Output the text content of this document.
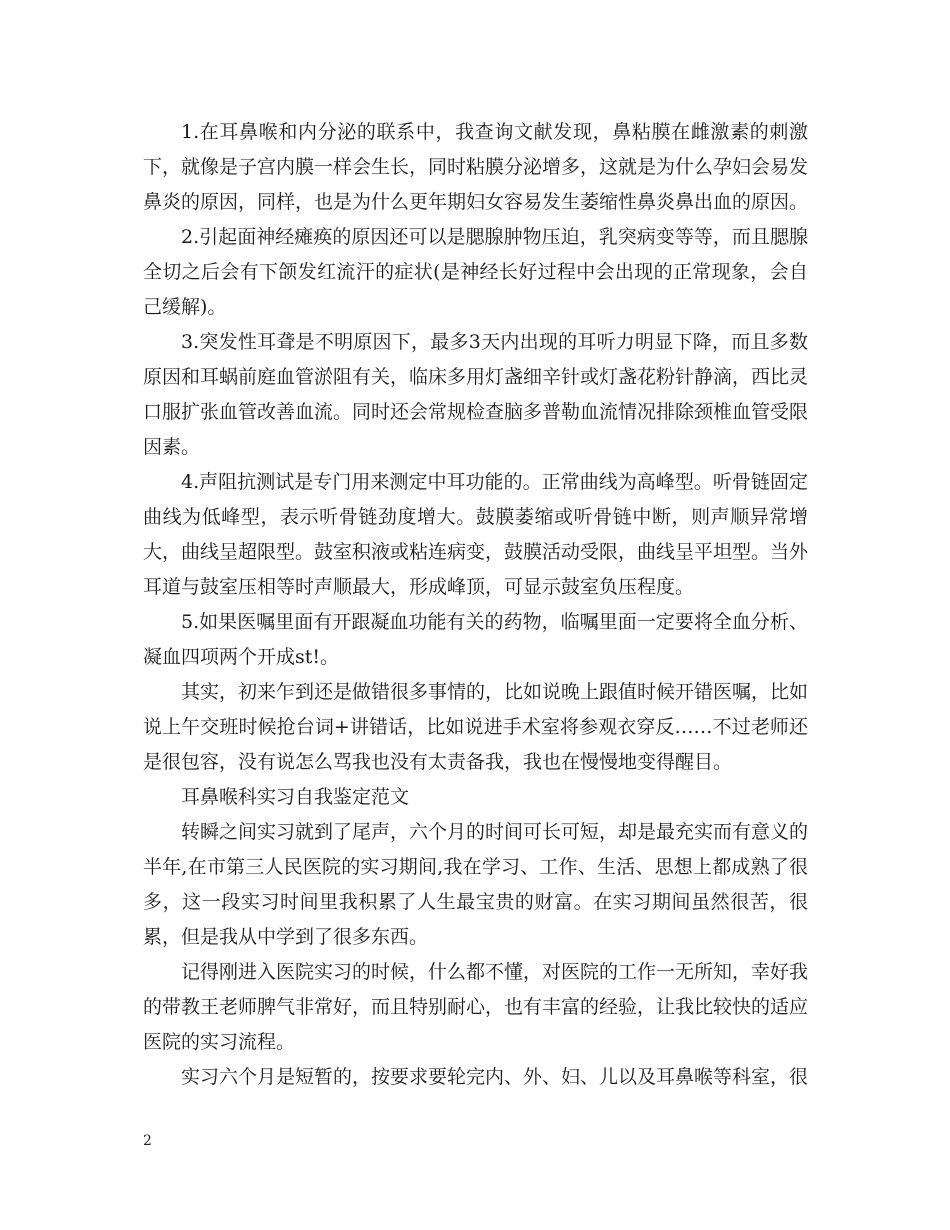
1.在耳鼻喉和内分泌的联系中，我查询文献发现，鼻粘膜在雌激素的刺激下，就像是子宫内膜一样会生长，同时粘膜分泌增多，这就是为什么孕妇会易发鼻炎的原因，同样，也是为什么更年期妇女容易发生萎缩性鼻炎鼻出血的原因。

2.引起面神经瘫痪的原因还可以是腮腺肿物压迫，乳突病变等等，而且腮腺全切之后会有下颌发红流汗的症状(是神经长好过程中会出现的正常现象，会自己缓解)。

3.突发性耳聋是不明原因下，最多3天内出现的耳听力明显下降，而且多数原因和耳蜗前庭血管淤阻有关，临床多用灯盏细辛针或灯盏花粉针静滴，西比灵口服扩张血管改善血流。同时还会常规检查脑多普勒血流情况排除颈椎血管受限因素。

4.声阻抗测试是专门用来测定中耳功能的。正常曲线为高峰型。听骨链固定曲线为低峰型，表示听骨链劲度增大。鼓膜萎缩或听骨链中断，则声顺异常增大，曲线呈超限型。鼓室积液或粘连病变，鼓膜活动受限，曲线呈平坦型。当外耳道与鼓室压相等时声顺最大，形成峰顶，可显示鼓室负压程度。

5.如果医嘱里面有开跟凝血功能有关的药物，临嘱里面一定要将全血分析、凝血四项两个开成st!。

其实，初来乍到还是做错很多事情的，比如说晚上跟值时候开错医嘱，比如说上午交班时候抢台词+讲错话，比如说进手术室将参观衣穿反……不过老师还是很包容，没有说怎么骂我也没有太责备我，我也在慢慢地变得醒目。

耳鼻喉科实习自我鉴定范文

转瞬之间实习就到了尾声，六个月的时间可长可短，却是最充实而有意义的半年,在市第三人民医院的实习期间,我在学习、工作、生活、思想上都成熟了很多，这一段实习时间里我积累了人生最宝贵的财富。在实习期间虽然很苦，很累，但是我从中学到了很多东西。

记得刚进入医院实习的时候，什么都不懂，对医院的工作一无所知，幸好我的带教王老师脾气非常好，而且特别耐心，也有丰富的经验，让我比较快的适应医院的实习流程。

实习六个月是短暂的，按要求要轮完内、外、妇、儿以及耳鼻喉等科室，很

2
